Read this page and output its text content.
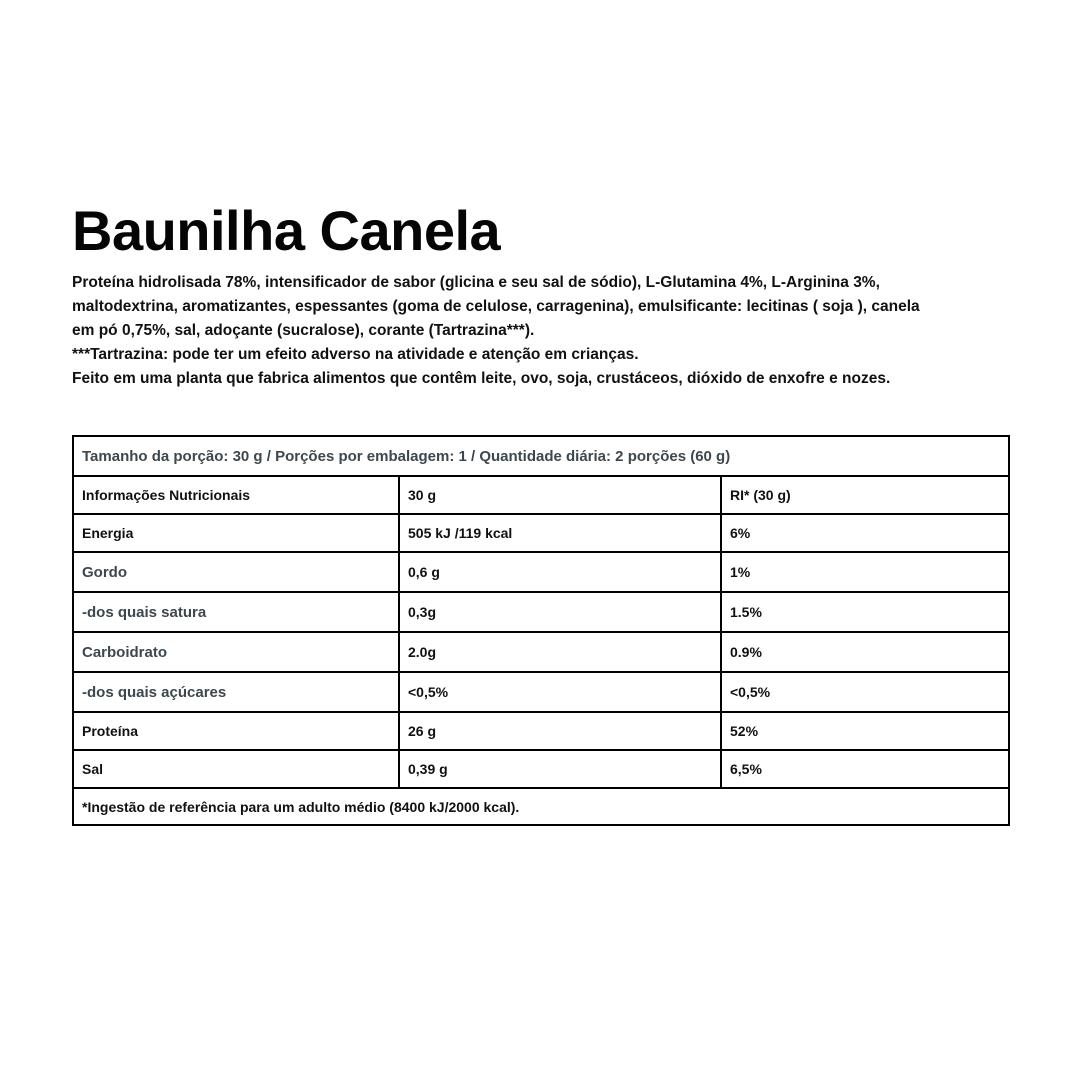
Baunilha Canela

Proteína hidrolisada 78%, intensificador de sabor (glicina e seu sal de sódio), L-Glutamina 4%, L-Arginina 3%,

maltodextrina, aromatizantes, espessantes (goma de celulose, carragenina), emulsificante: lecitinas ( soja ), canela

em pó 0,75%, sal, adoçante (sucralose), corante (Tartrazina***).

***Tartrazina: pode ter um efeito adverso na atividade e atenção em crianças.

Feito em uma planta que fabrica alimentos que contêm leite, ovo, soja, crustáceos, dióxido de enxofre e nozes.

Tamanho da porção: 30 g / Porções por embalagem: 1 / Quantidade diária: 2 porções (60 g)		
Informações Nutricionais	30 g	RI* (30 g)
Energia	505 kJ /119 kcal	6%
Gordo	0,6 g	1%
-dos quais satura	0,3g	1.5%
Carboidrato	2.0g	0.9%
-dos quais açúcares	<0,5%	<0,5%
Proteína	26 g	52%
Sal	0,39 g	6,5%
*Ingestão de referência para um adulto médio (8400 kJ/2000 kcal).		
